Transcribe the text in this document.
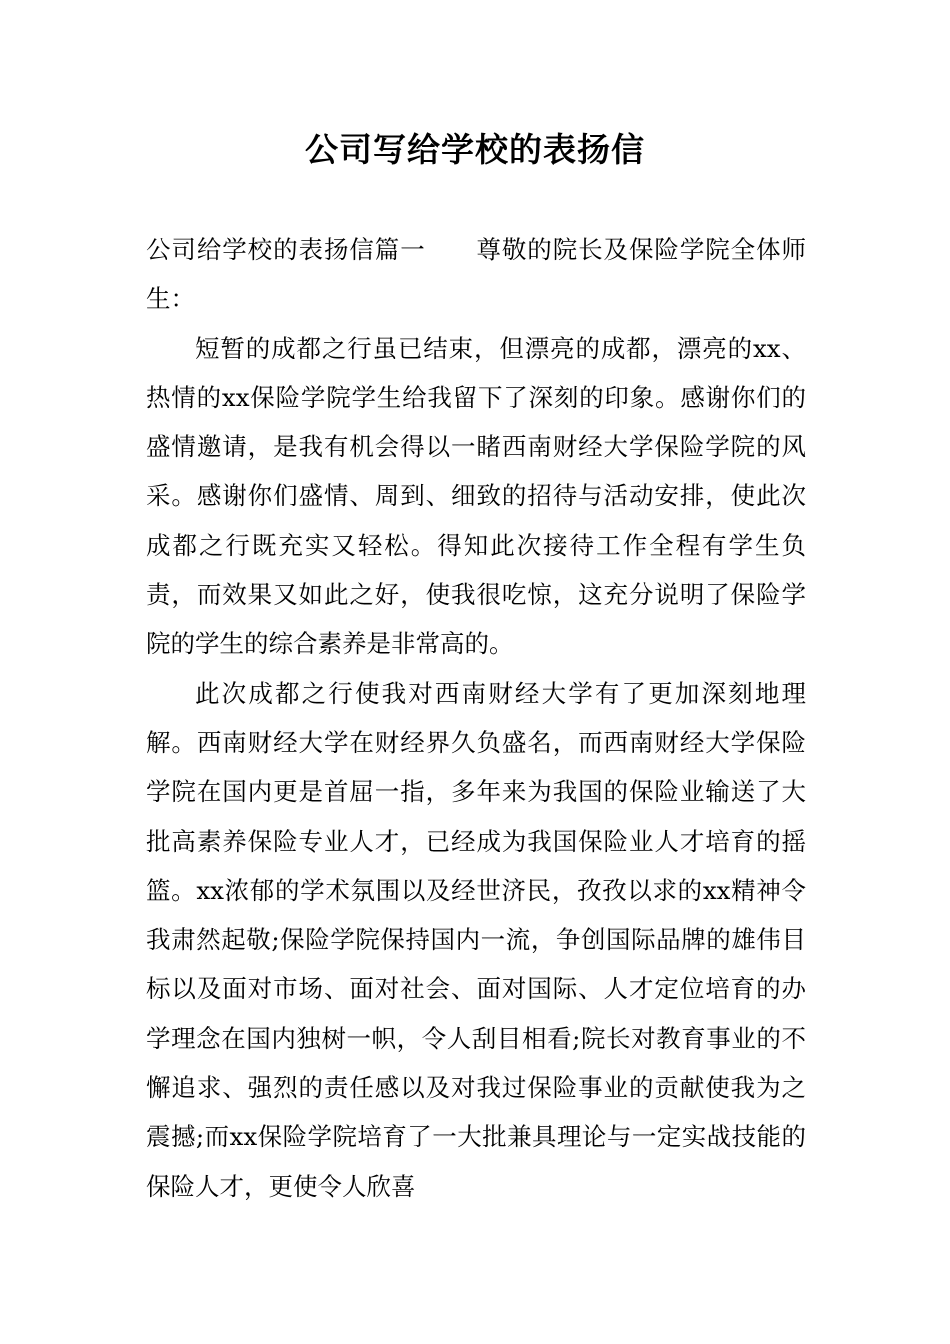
公司写给学校的表扬信

公司给学校的表扬信篇一　　尊敬的院长及保险学院全体师生：

短暂的成都之行虽已结束，但漂亮的成都，漂亮的xx、热情的xx保险学院学生给我留下了深刻的印象。感谢你们的盛情邀请，是我有机会得以一睹西南财经大学保险学院的风采。感谢你们盛情、周到、细致的招待与活动安排，使此次成都之行既充实又轻松。得知此次接待工作全程有学生负责，而效果又如此之好，使我很吃惊，这充分说明了保险学院的学生的综合素养是非常高的。

此次成都之行使我对西南财经大学有了更加深刻地理解。西南财经大学在财经界久负盛名，而西南财经大学保险学院在国内更是首屈一指，多年来为我国的保险业输送了大批高素养保险专业人才，已经成为我国保险业人才培育的摇篮。xx浓郁的学术氛围以及经世济民，孜孜以求的xx精神令我肃然起敬;保险学院保持国内一流，争创国际品牌的雄伟目标以及面对市场、面对社会、面对国际、人才定位培育的办学理念在国内独树一帜，令人刮目相看;院长对教育事业的不懈追求、强烈的责任感以及对我过保险事业的贡献使我为之震撼;而xx保险学院培育了一大批兼具理论与一定实战技能的保险人才，更使令人欣喜
